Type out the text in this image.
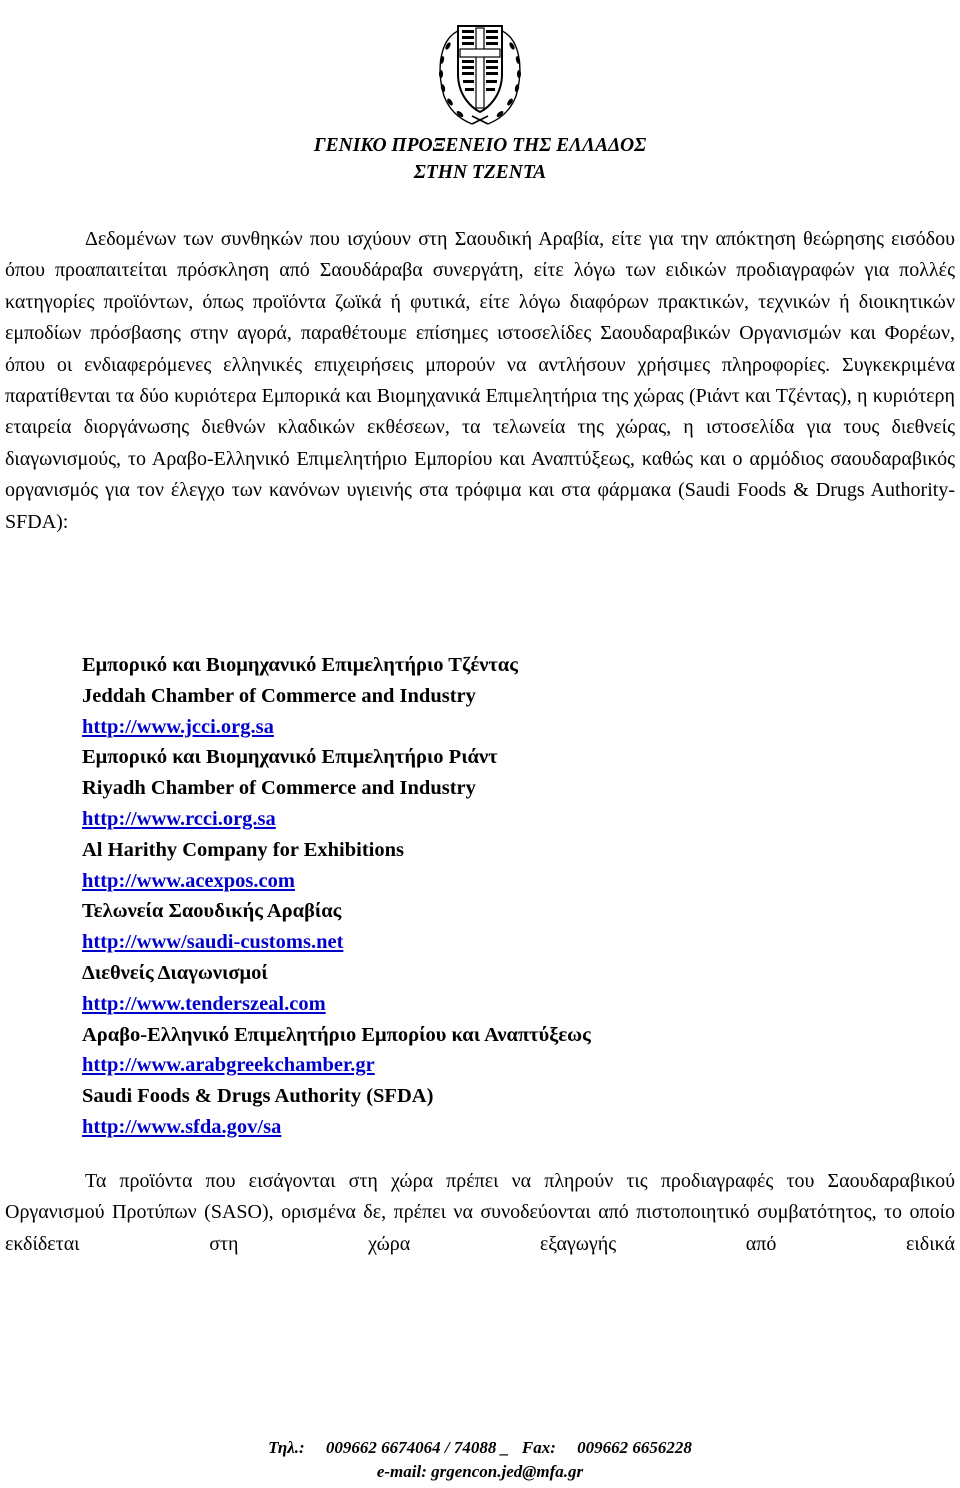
ΓΕΝΙΚΟ ΠΡΟΞΕΝΕΙΟ ΤΗΣ ΕΛΛΑΔΟΣ
ΣΤΗΝ ΤΖΕΝΤΑ
Δεδομένων των συνθηκών που ισχύουν στη Σαουδική Αραβία, είτε για την απόκτηση θεώρησης εισόδου όπου προαπαιτείται πρόσκληση από Σαουδάραβα συνεργάτη, είτε λόγω των ειδικών προδιαγραφών για πολλές κατηγορίες προϊόντων, όπως προϊόντα ζωϊκά ή φυτικά, είτε λόγω διαφόρων πρακτικών, τεχνικών ή διοικητικών εμποδίων πρόσβασης στην αγορά, παραθέτουμε επίσημες ιστοσελίδες Σαουδαραβικών Οργανισμών και Φορέων, όπου οι ενδιαφερόμενες ελληνικές επιχειρήσεις μπορούν να αντλήσουν χρήσιμες πληροφορίες. Συγκεκριμένα παρατίθενται τα δύο κυριότερα Εμπορικά και Βιομηχανικά Επιμελητήρια της χώρας (Ριάντ και Τζέντας), η κυριότερη εταιρεία διοργάνωσης διεθνών κλαδικών εκθέσεων, τα τελωνεία της χώρας, η ιστοσελίδα για τους διεθνείς διαγωνισμούς, το Αραβο-Ελληνικό Επιμελητήριο Εμπορίου και Αναπτύξεως, καθώς και ο αρμόδιος σαουδαραβικός οργανισμός για τον έλεγχο των κανόνων υγιεινής στα τρόφιμα και στα φάρμακα (Saudi Foods & Drugs Authority-SFDA):
Εμπορικό και Βιομηχανικό Επιμελητήριο Τζέντας
Jeddah Chamber of Commerce and Industry
http://www.jcci.org.sa
Εμπορικό και Βιομηχανικό Επιμελητήριο Ριάντ
Riyadh Chamber of Commerce and Industry
http://www.rcci.org.sa
Al Harithy Company for Exhibitions
http://www.acexpos.com
Τελωνεία Σαουδικής Αραβίας
http://www/saudi-customs.net
Διεθνείς Διαγωνισμοί
http://www.tenderszeal.com
Αραβο-Ελληνικό Επιμελητήριο Εμπορίου και Αναπτύξεως
http://www.arabgreekchamber.gr
Saudi Foods & Drugs Authority (SFDA)
http://www.sfda.gov/sa
Τα προϊόντα που εισάγονται στη χώρα πρέπει να πληρούν τις προδιαγραφές του Σαουδαραβικού Οργανισμού Προτύπων (SASO), ορισμένα δε, πρέπει να συνοδεύονται από πιστοποιητικό συμβατότητος, το οποίο εκδίδεται στη χώρα εξαγωγής από ειδικά
Τηλ.:     009662 6674064 / 74088 _   Fax:     009662 6656228
e-mail: grgencon.jed@mfa.gr
